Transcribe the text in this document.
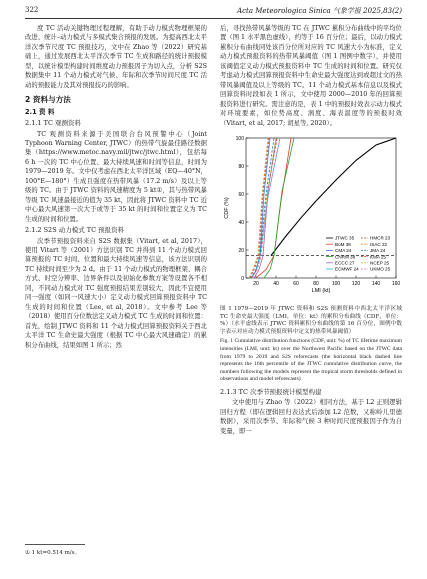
322	Acta Meteorologica Sinica 气象学报 2025,83(2)

度 TC 活动关键物理过程理解，有助于动力模式物理框架的改进、统计–动力模式与多模式集合预报的发展。为提高西北太平洋次季节尺度 TC 预报技巧，文中在 Zhao 等（2022）研究基础上，通过发展西北太平洋次季节 TC 生成和路径的统计预报模型，以统计模型构建时间维度动力预报因子为切入点，分析 S2S 数据集中 11 个动力模式对气候、年际和次季节时间尺度 TC 活动的预报能力及其对预报技巧的影响。

2 资料与方法
2.1 资 料
2.1.1 TC 观测资料

TC 观测资料来源于美国联合台风预警中心（Joint Typhoon Warning Center, JTWC）的热带气旋最佳路径数据集（https://www.metoc.navy.mil/jtwc/jtwc.html），包括每 6 h 一次的 TC 中心位置、最大持续风速和时间等信息，时间为 1979—2019 年。文中仅考虑在西北太平洋区域（EQ—40°N，100°E—180°）生成且强度在热带风暴（17.2 m/s）及以上等级的 TC。由于 JTWC 资料的风速精度为 5 kt①，其与热带风暴等级 TC 风速最接近的值为 35 kt，因此将 JTWC 资料中 TC 近中心最大风速第一次大于或等于 35 kt 的时间和位置定义为 TC 生成的时间和位置。

2.1.2 S2S 动力模式 TC 预报资料

次季节预报资料来自 S2S 数据集（Vitart, et al, 2017），使用 Vitart 等（2001）方法识别 TC 并得到 11 个动力模式回算预报的 TC 时间、位置和最大持续风速等信息，该方法识别的 TC 持续时间至少为 2 d。由于 11 个动力模式的物理框架、耦合方式、时空分辨率、边界条件以及初始化参数方案等设置各不相同，不同动力模式对 TC 强度预报结果差别较大，因此不宜使用同一强度（如同一风速大小）定义动力模式回算预报资料中 TC 生成的时间和位置（Lee, et al, 2018）。文中参考 Lee 等（2018）使用百分位数法定义动力模式 TC 生成的时间和位置：首先，绘制 JTWC 资料和 11 个动力模式回算预报资料关于西北太平洋 TC 生命史最大强度（根据 TC 中心最大风速确定）的累积分布曲线，结果如图 1 所示；然

后，寻找热带风暴等级的 TC 在 JTWC 累积分布曲线中的平均位置（图 1 水平黑色虚线），约等于 16 百分位；最后，以动力模式累积分布曲线同处该百分位所对应的 TC 风速大小为标准，定义动力模式预报资料的热带风暴阈值（图 1 图例中数字），并使用该阈值定义动力模式预报资料中 TC 生成的时间和位置。研究仅考虑动力模式回算预报资料中生命史最大强度达到或超过文的热带风暴阈值及以上等级的 TC。11 个动力模式基本信息以及模式回算资料时段如表 1 所示，文中使用 2000—2010 年的回算预报资料进行研究。需注意的是，表 1 中的预报时效表示动力模式对环境要素，如位势高度、涡度、海表温度等的预报时效（Vitart, et al, 2017; 胡星等, 2020）。

20	40	60	80	100 120 140 160
0
20
40
60
80
100
LMI (kt)
CDF (%)
JTWC 35
BoM 38
CMA 24
CNRM 38
ECCC 27
ECMWF 24
HMCR 23
ISAC 22
JMA 24
KMA 25
NCEP 25
UKMO 25

图 1 1979—2019 年 JTWC 资料和 S2S 预测资料中西北太平洋区域 TC 生命史最大强度（LMI，单位：kt）的累积分布曲线（CDF，单位：%）（水平虚线表示 JTWC 资料累积分布曲线的第 16 百分位，图例中数字表示对应动力模式预报资料中定义的热带风暴阈值）

Fig. 1 Cumulative distribution functions (CDF, unit: %) of TC lifetime maximum intensities (LMI, unit: kt) over the Northwest Pacific based on the JTWC data from 1979 to 2019 and S2S reforecasts (the horizontal black dashed line represents the 16th percentile of the JTWC cumulative distribution curve, the numbers following the models represent the tropical storm thresholds defined in observations and model reforecasts)

2.1.3 TC 次季节预报统计模型构建

文中使用与 Zhao 等（2022）相同方法，基于 L2 正则逻辑回归方程（即在逻辑回归表达式后添加 L2 范数，又称岭儿里德数据），采用次季节、年际和气候 3 种时间尺度预报因子作为自变量，即一

① 1 kt=0.514 m/s。
